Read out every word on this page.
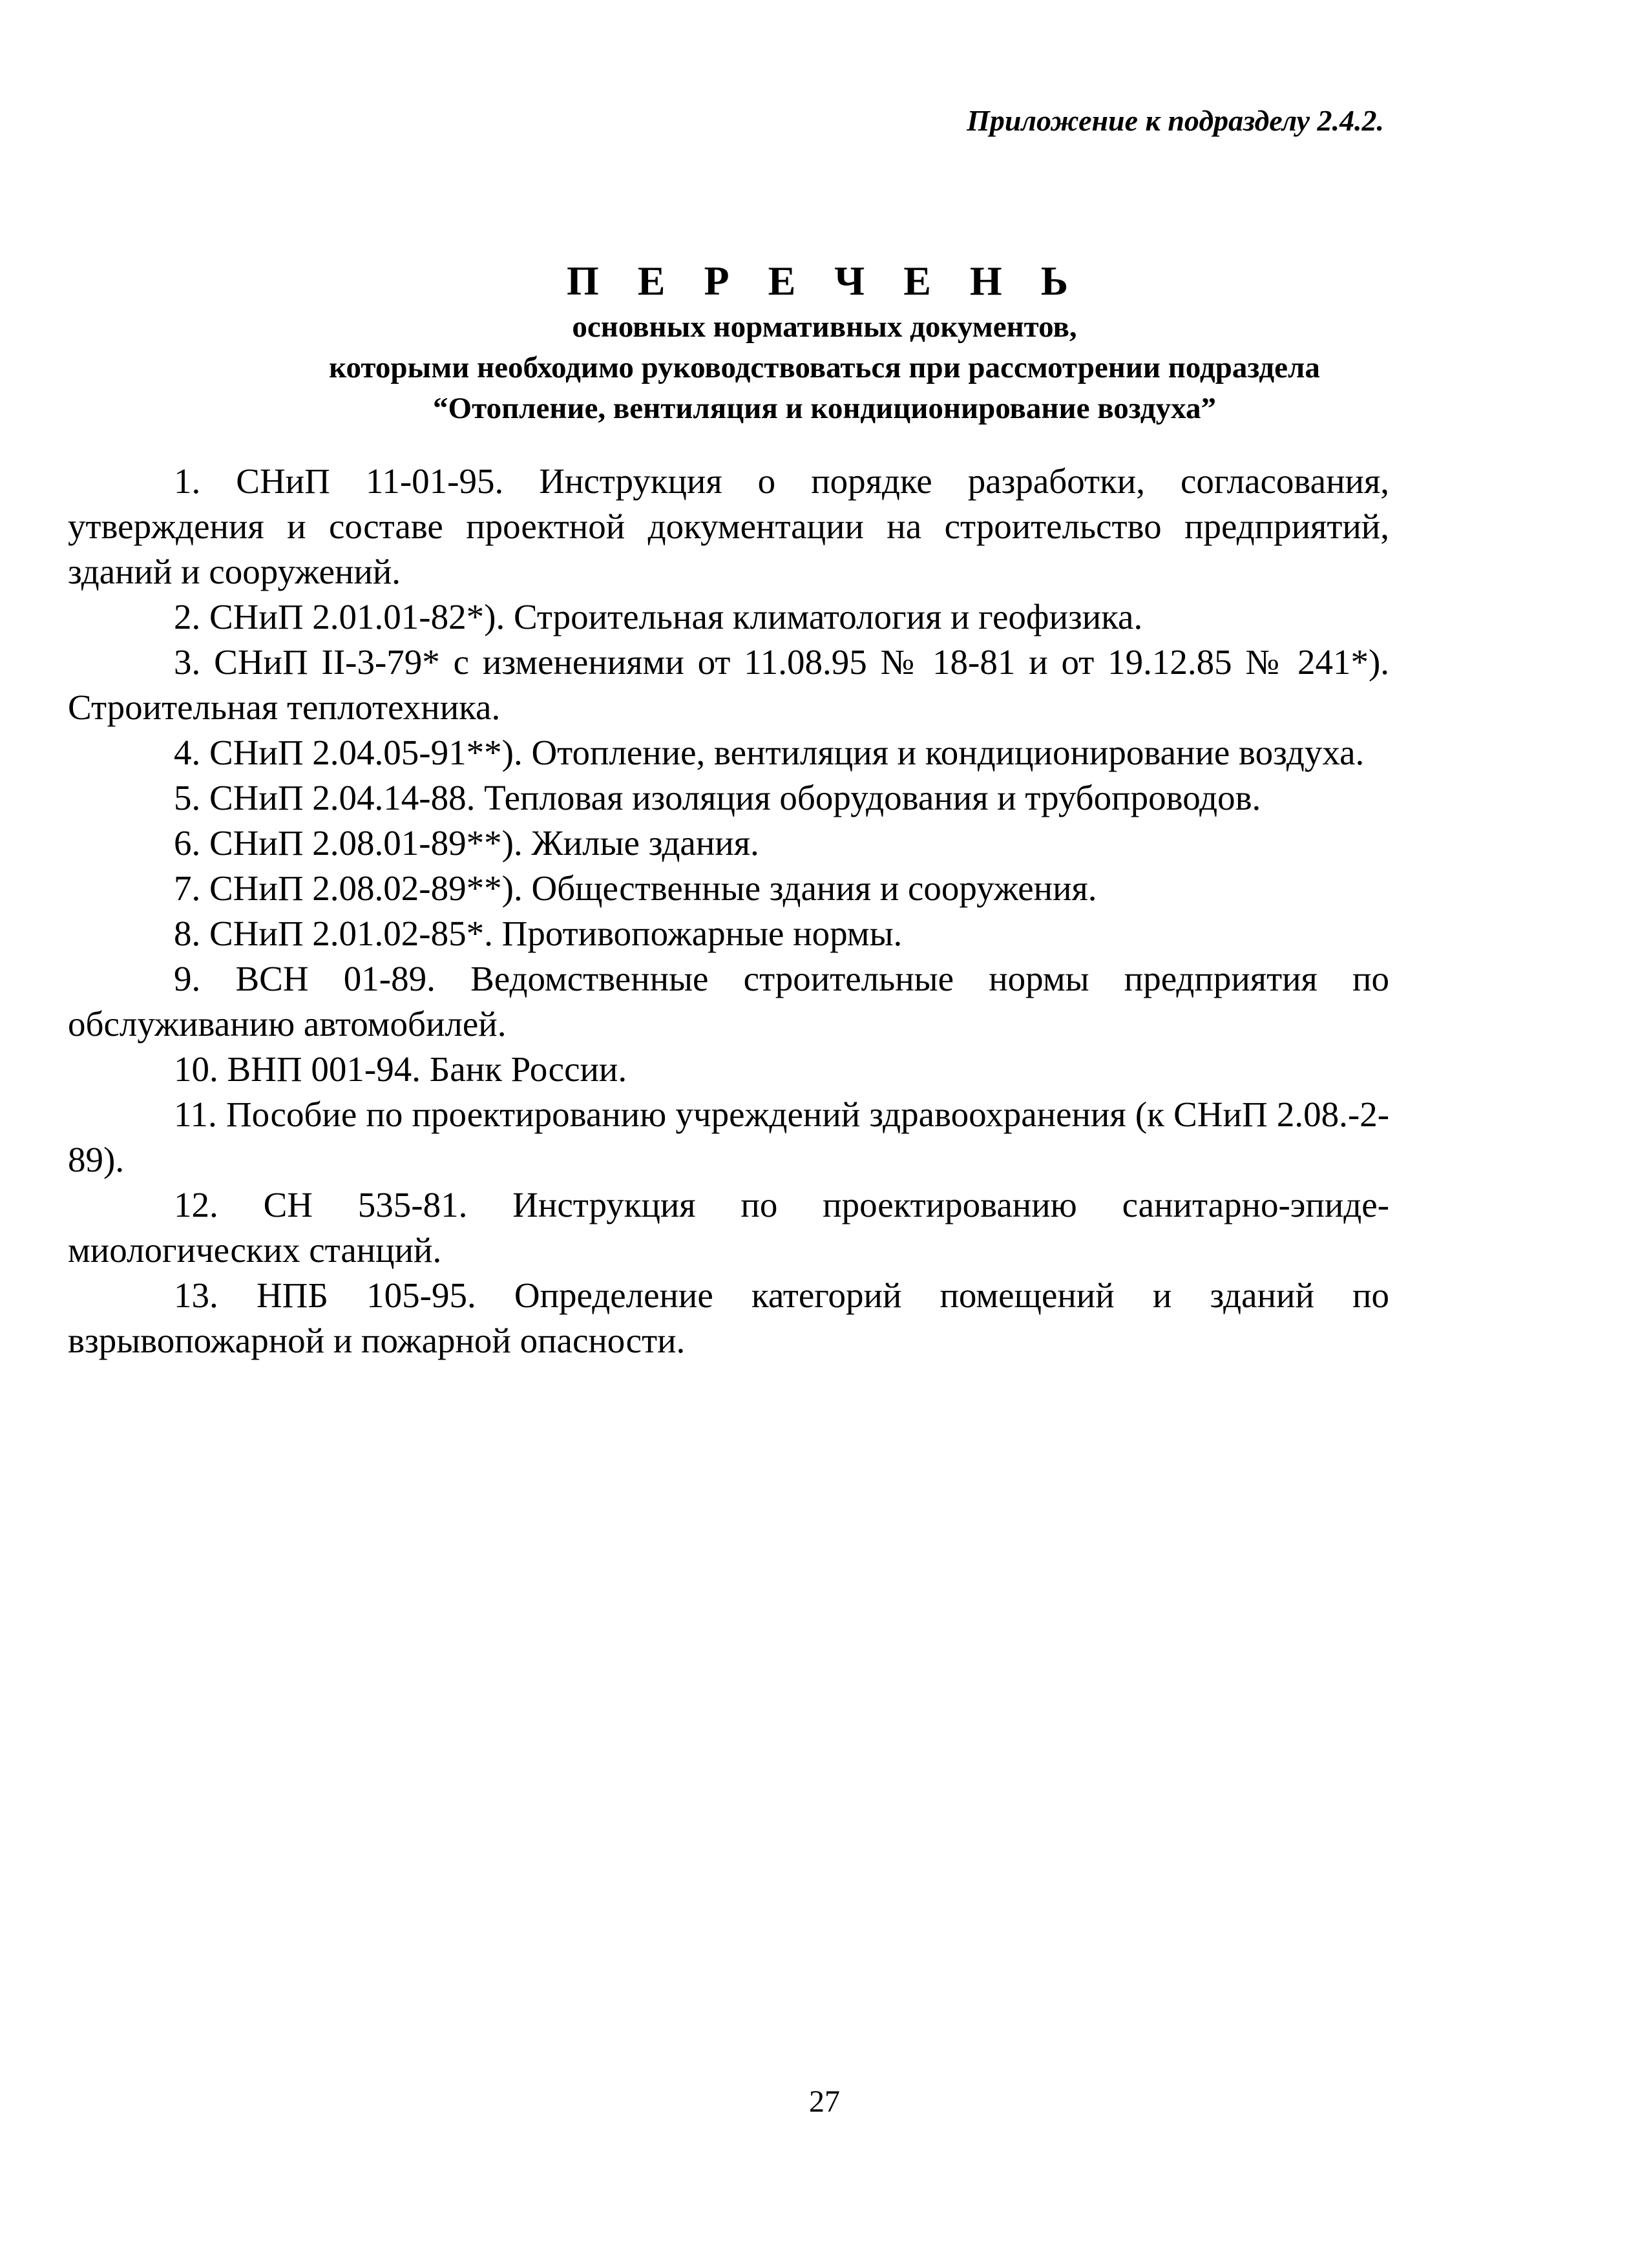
Приложение к подразделу 2.4.2.

П Е Р Е Ч Е Н Ь

основных нормативных документов,

которыми необходимо руководствоваться при рассмотрении подраздела

“Отопление, вентиляция и кондиционирование воздуха”

1. СНиП 11-01-95. Инструкция о порядке разработки, согласования, утверждения и составе проектной документации на строительство предприятий, зданий и сооружений.
2. СНиП 2.01.01-82*). Строительная климатология и геофизика.
3. СНиП II-3-79* с изменениями от 11.08.95 № 18-81 и от 19.12.85 № 241*). Строительная теплотехника.
4. СНиП 2.04.05-91**). Отопление, вентиляция и кондиционирование воздуха.
5. СНиП 2.04.14-88. Тепловая изоляция оборудования и трубопроводов.
6. СНиП 2.08.01-89**). Жилые здания.
7. СНиП 2.08.02-89**). Общественные здания и сооружения.
8. СНиП 2.01.02-85*. Противопожарные нормы.
9. ВСН 01-89. Ведомственные строительные нормы предприятия по обслуживанию автомобилей.
10. ВНП 001-94. Банк России.
11. Пособие по проектированию учреждений здравоохранения (к СНиП 2.08.-2-89).
12. СН 535-81. Инструкция по проектированию санитарно-эпидемиологических станций.
13. НПБ 105-95. Определение категорий помещений и зданий по взрывопожарной и пожарной опасности.

27
